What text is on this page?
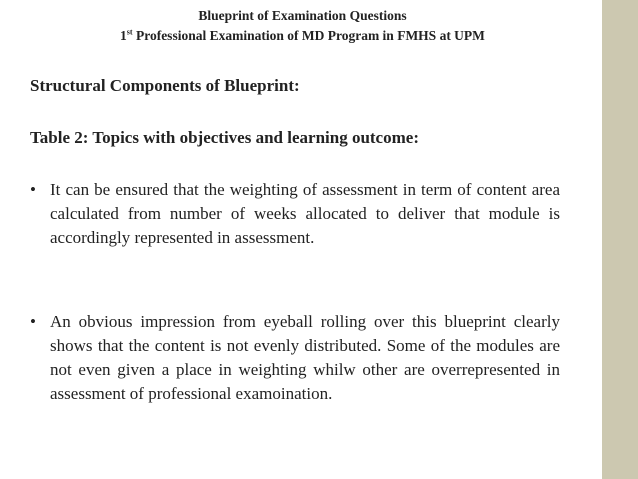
Blueprint of Examination Questions
1st Professional Examination of MD Program in FMHS at UPM
Structural Components of Blueprint:
Table 2: Topics with objectives and learning outcome:
• It can be ensured that the weighting of assessment in term of content area calculated from number of weeks allocated to deliver that module is accordingly represented in assessment.
• An obvious impression from eyeball rolling over this blueprint clearly shows that the content is not evenly distributed. Some of the modules are not even given a place in weighting whilw other are overrepresented in assessment of professional examoination.
